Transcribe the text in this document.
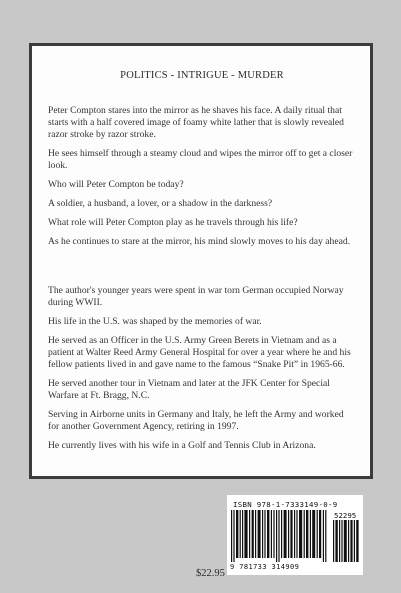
POLITICS - INTRIGUE - MURDER

Peter Compton stares into the mirror as he shaves his face. A daily ritual that starts with a half covered image of foamy white lather that is slowly revealed razor stroke by razor stroke.

He sees himself through a steamy cloud and wipes the mirror off to get a closer look.

Who will Peter Compton be today?

A soldier, a husband, a lover, or a shadow in the darkness?

What role will Peter Compton play as he travels through his life?

As he continues to stare at the mirror, his mind slowly moves to his day ahead.

The author's younger years were spent in war torn German occupied Norway during WWII.

His life in the U.S. was shaped by the memories of war.

He served as an Officer in the U.S. Army Green Berets in Vietnam and as a patient at Walter Reed Army General Hospital for over a year where he and his fellow patients lived in and gave name to the famous “Snake Pit” in 1965-66.

He served another tour in Vietnam and later at the JFK Center for Special Warfare at Ft. Bragg, N.C.

Serving in Airborne units in Germany and Italy, he left the Army and worked for another Government Agency, retiring in 1997.

He currently lives with his wife in a Golf and Tennis Club in Arizona.

ISBN 978-1-7333149-0-9
52295
9 781733 314909
$22.95
